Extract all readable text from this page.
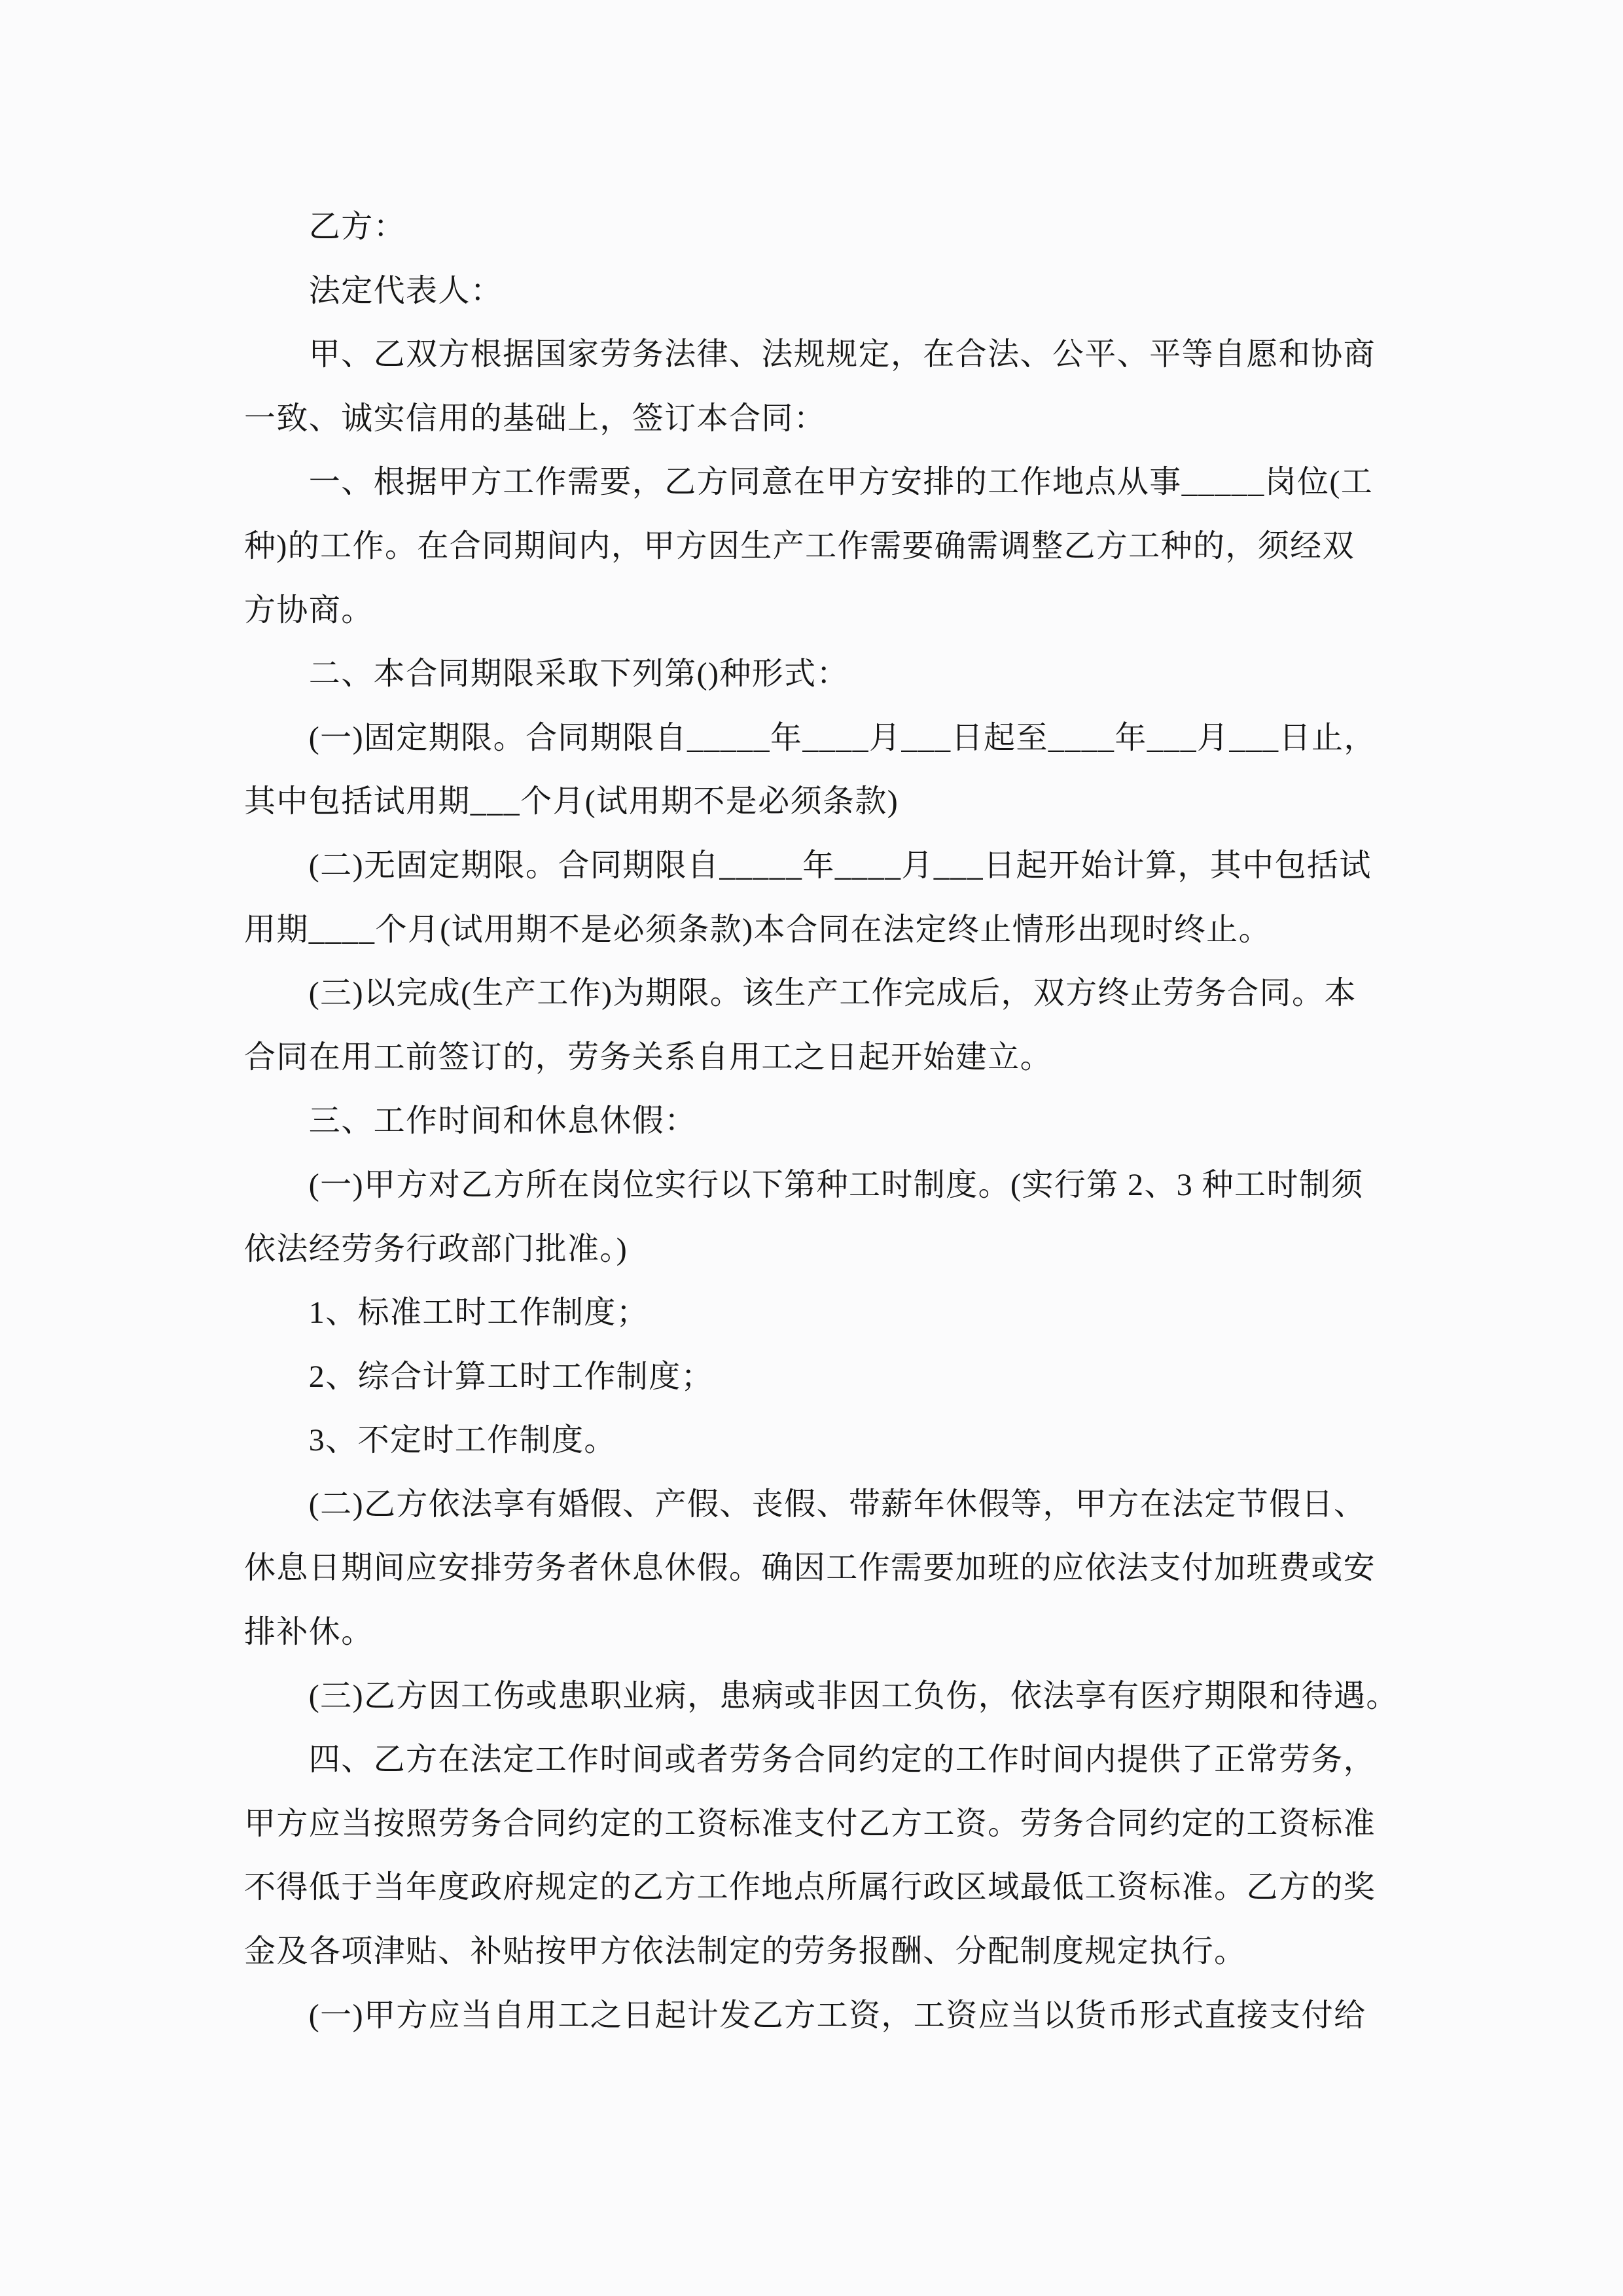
　　乙方：
　　法定代表人：
　　甲、乙双方根据国家劳务法律、法规规定，在合法、公平、平等自愿和协商
一致、诚实信用的基础上，签订本合同：
　　一、根据甲方工作需要，乙方同意在甲方安排的工作地点从事_____岗位(工
种)的工作。在合同期间内，甲方因生产工作需要确需调整乙方工种的，须经双
方协商。
　　二、本合同期限采取下列第()种形式：
　　(一)固定期限。合同期限自_____年____月___日起至____年___月___日止，
其中包括试用期___个月(试用期不是必须条款)
　　(二)无固定期限。合同期限自_____年____月___日起开始计算，其中包括试
用期____个月(试用期不是必须条款)本合同在法定终止情形出现时终止。
　　(三)以完成(生产工作)为期限。该生产工作完成后，双方终止劳务合同。本
合同在用工前签订的，劳务关系自用工之日起开始建立。
　　三、工作时间和休息休假：
　　(一)甲方对乙方所在岗位实行以下第种工时制度。(实行第 2、3 种工时制须
依法经劳务行政部门批准。)
　　1、标准工时工作制度；
　　2、综合计算工时工作制度；
　　3、不定时工作制度。
　　(二)乙方依法享有婚假、产假、丧假、带薪年休假等，甲方在法定节假日、
休息日期间应安排劳务者休息休假。确因工作需要加班的应依法支付加班费或安
排补休。
　　(三)乙方因工伤或患职业病，患病或非因工负伤，依法享有医疗期限和待遇。
　　四、乙方在法定工作时间或者劳务合同约定的工作时间内提供了正常劳务，
甲方应当按照劳务合同约定的工资标准支付乙方工资。劳务合同约定的工资标准
不得低于当年度政府规定的乙方工作地点所属行政区域最低工资标准。乙方的奖
金及各项津贴、补贴按甲方依法制定的劳务报酬、分配制度规定执行。
　　(一)甲方应当自用工之日起计发乙方工资，工资应当以货币形式直接支付给
